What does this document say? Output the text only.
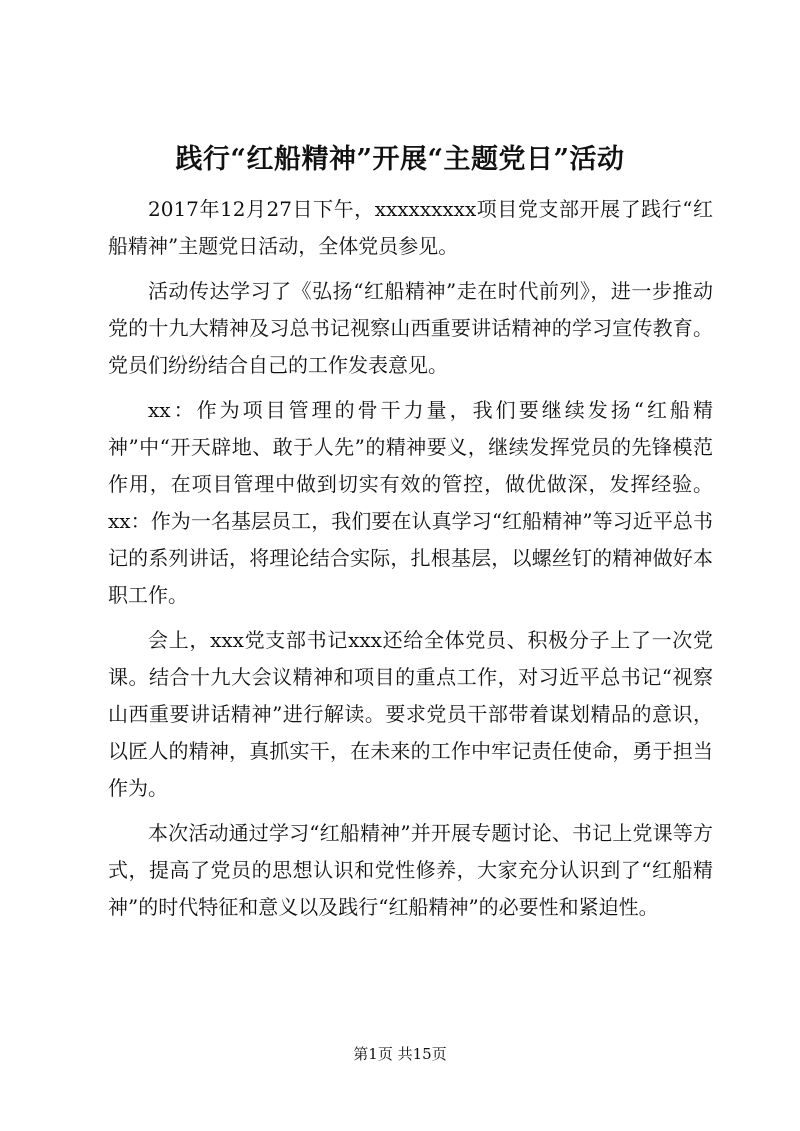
践行“红船精神”开展“主题党日”活动

2017年12月27日下午，xxxxxxxxx项目党支部开展了践行“红船精神”主题党日活动，全体党员参见。

活动传达学习了《弘扬“红船精神”走在时代前列》，进一步推动党的十九大精神及习总书记视察山西重要讲话精神的学习宣传教育。党员们纷纷结合自己的工作发表意见。

xx：作为项目管理的骨干力量，我们要继续发扬“红船精神”中“开天辟地、敢于人先”的精神要义，继续发挥党员的先锋模范作用，在项目管理中做到切实有效的管控，做优做深，发挥经验。xx：作为一名基层员工，我们要在认真学习“红船精神”等习近平总书记的系列讲话，将理论结合实际，扎根基层，以螺丝钉的精神做好本职工作。

会上，xxx党支部书记xxx还给全体党员、积极分子上了一次党课。结合十九大会议精神和项目的重点工作，对习近平总书记“视察山西重要讲话精神”进行解读。要求党员干部带着谋划精品的意识，以匠人的精神，真抓实干，在未来的工作中牢记责任使命，勇于担当作为。

本次活动通过学习“红船精神”并开展专题讨论、书记上党课等方式，提高了党员的思想认识和党性修养，大家充分认识到了“红船精神”的时代特征和意义以及践行“红船精神”的必要性和紧迫性。

第1页 共15页
